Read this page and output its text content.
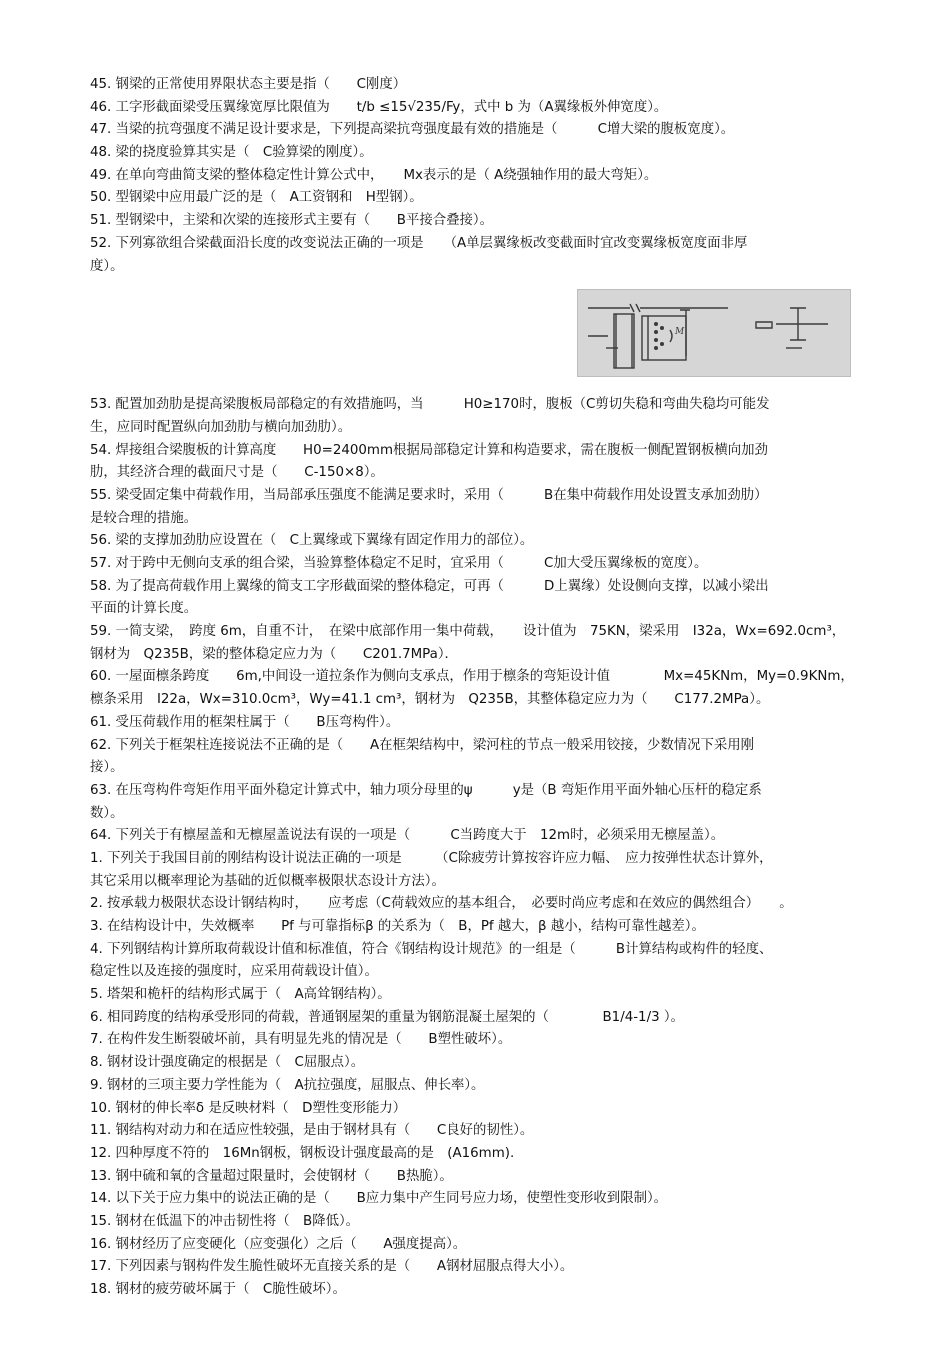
45. 钢梁的正常使用界限状态主要是指（　　C刚度）
46. 工字形截面梁受压翼缘宽厚比限值为　　t/b ≤15√235/Fy，式中 b 为（A翼缘板外伸宽度）。
47. 当梁的抗弯强度不满足设计要求是，下列提高梁抗弯强度最有效的措施是（　　　C增大梁的腹板宽度）。
48. 梁的挠度验算其实是（　C验算梁的刚度）。
49. 在单向弯曲简支梁的整体稳定性计算公式中，　　Mx表示的是（ A绕强轴作用的最大弯矩）。
50. 型钢梁中应用最广泛的是（　A工资钢和　H型钢）。
51. 型钢梁中，主梁和次梁的连接形式主要有（　　B平接合叠接）。
52. 下列寡欲组合梁截面沿长度的改变说法正确的一项是　　（A单层翼缘板改变截面时宜改变翼缘板宽度面非厚
度）。
53. 配置加劲肋是提高梁腹板局部稳定的有效措施吗，当　　　H0≥170时，腹板（C剪切失稳和弯曲失稳均可能发
生，应同时配置纵向加劲肋与横向加劲肋）。
54. 焊接组合梁腹板的计算高度　　H0=2400mm根据局部稳定计算和构造要求，需在腹板一侧配置钢板横向加劲
肋，其经济合理的截面尺寸是（　　C-150×8）。
55. 梁受固定集中荷载作用，当局部承压强度不能满足要求时，采用（　　　B在集中荷载作用处设置支承加劲肋）
是较合理的措施。
56. 梁的支撑加劲肋应设置在（　C上翼缘或下翼缘有固定作用力的部位）。
57. 对于跨中无侧向支承的组合梁，当验算整体稳定不足时，宜采用（　　　C加大受压翼缘板的宽度）。
58. 为了提高荷载作用上翼缘的简支工字形截面梁的整体稳定，可再（　　　D上翼缘）处设侧向支撑，以减小梁出
平面的计算长度。
59. 一简支梁，　跨度 6m，自重不计，　在梁中底部作用一集中荷载，　　设计值为　75KN，梁采用　I32a，Wx=692.0cm³，
钢材为　Q235B，梁的整体稳定应力为（　　C201.7MPa）．
60. 一屋面檩条跨度　　6m,中间设一道拉条作为侧向支承点，作用于檩条的弯矩设计值　　　　Mx=45KNm，My=0.9KNm，
檩条采用　I22a，Wx=310.0cm³，Wy=41.1 cm³，钢材为　Q235B，其整体稳定应力为（　　C177.2MPa）。
61. 受压荷载作用的框架柱属于（　　B压弯构件）。
62. 下列关于框架柱连接说法不正确的是（　　A在框架结构中，梁河柱的节点一般采用铰接，少数情况下采用刚
接）。
63. 在压弯构件弯矩作用平面外稳定计算式中，轴力项分母里的ψ　　　y是（B 弯矩作用平面外轴心压杆的稳定系
数）。
64. 下列关于有檩屋盖和无檩屋盖说法有误的一项是（　　　C当跨度大于　12m时，必须采用无檩屋盖）。
1. 下列关于我国目前的刚结构设计说法正确的一项是　　　（C除疲劳计算按容许应力幅、　应力按弹性状态计算外，
其它采用以概率理论为基础的近似概率极限状态设计方法）。
2. 按承载力极限状态设计钢结构时，　　应考虑（C荷载效应的基本组合，　必要时尚应考虑和在效应的偶然组合）　　。
3. 在结构设计中，失效概率　　Pf 与可靠指标β 的关系为（　B，Pf 越大，β 越小，结构可靠性越差）。
4. 下列钢结构计算所取荷载设计值和标准值，符合《钢结构设计规范》的一组是（　　　B计算结构或构件的轻度、
稳定性以及连接的强度时，应采用荷载设计值）。
5. 塔架和桅杆的结构形式属于（　A高耸钢结构）。
6. 相同跨度的结构承受形同的荷载，普通钢屋架的重量为钢筋混凝土屋架的（　　　　B1/4-1/3 ）。
7. 在构件发生断裂破坏前，具有明显先兆的情况是（　　B塑性破坏）。
8. 钢材设计强度确定的根据是（　C屈服点）。
9. 钢材的三项主要力学性能为（　A抗拉强度，屈服点、伸长率）。
10. 钢材的伸长率δ 是反映材料（　D塑性变形能力）
11. 钢结构对动力和在适应性较强，是由于钢材具有（　　C良好的韧性）。
12. 四种厚度不符的　16Mn钢板，钢板设计强度最高的是　(A16mm).
13. 钢中硫和氧的含量超过限量时，会使钢材（　　B热脆）。
14. 以下关于应力集中的说法正确的是（　　B应力集中产生同号应力场，使塑性变形收到限制）。
15. 钢材在低温下的冲击韧性将（　B降低）。
16. 钢材经历了应变硬化（应变强化）之后（　　A强度提高）。
17. 下列因素与钢构件发生脆性破坏无直接关系的是（　　A钢材屈服点得大小）。
18. 钢材的疲劳破坏属于（　C脆性破坏）。
M
